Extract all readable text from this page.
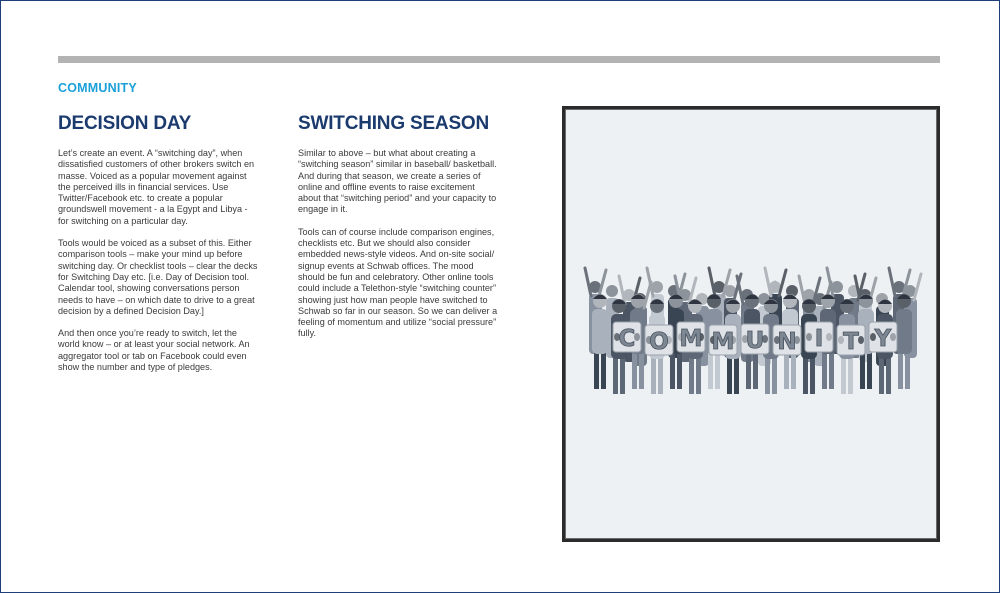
COMMUNITY
DECISION DAY

Let’s create an event. A “switching day”, when dissatisfied customers of other brokers switch en masse. Voiced as a popular movement against the perceived ills in financial services. Use Twitter/Facebook etc. to create a popular groundswell movement - a la Egypt and Libya - for switching on a particular day.

Tools would be voiced as a subset of this. Either comparison tools – make your mind up before switching day. Or checklist tools – clear the decks for Switching Day etc. [i.e. Day of Decision tool. Calendar tool, showing conversations person needs to have – on which date to drive to a great decision by a defined Decision Day.]

And then once you’re ready to switch, let the world know – or at least your social network. An aggregator tool or tab on Facebook could even show the number and type of pledges.

SWITCHING SEASON

Similar to above – but what about creating a “switching season” similar in baseball/ basketball. And during that season, we create a series of online and offline events to raise excitement about that “switching period” and your capacity to engage in it.

Tools can of course include comparison engines, checklists etc. But we should also consider embedded news-style videos. And on-site social/ signup events at Schwab offices. The mood should be fun and celebratory. Other online tools could include a Telethon-style “switching counter” showing just how man people have switched to Schwab so far in our season. So we can deliver a feeling of momentum and utilize “social pressure” fully.	C O M M U N I T Y
